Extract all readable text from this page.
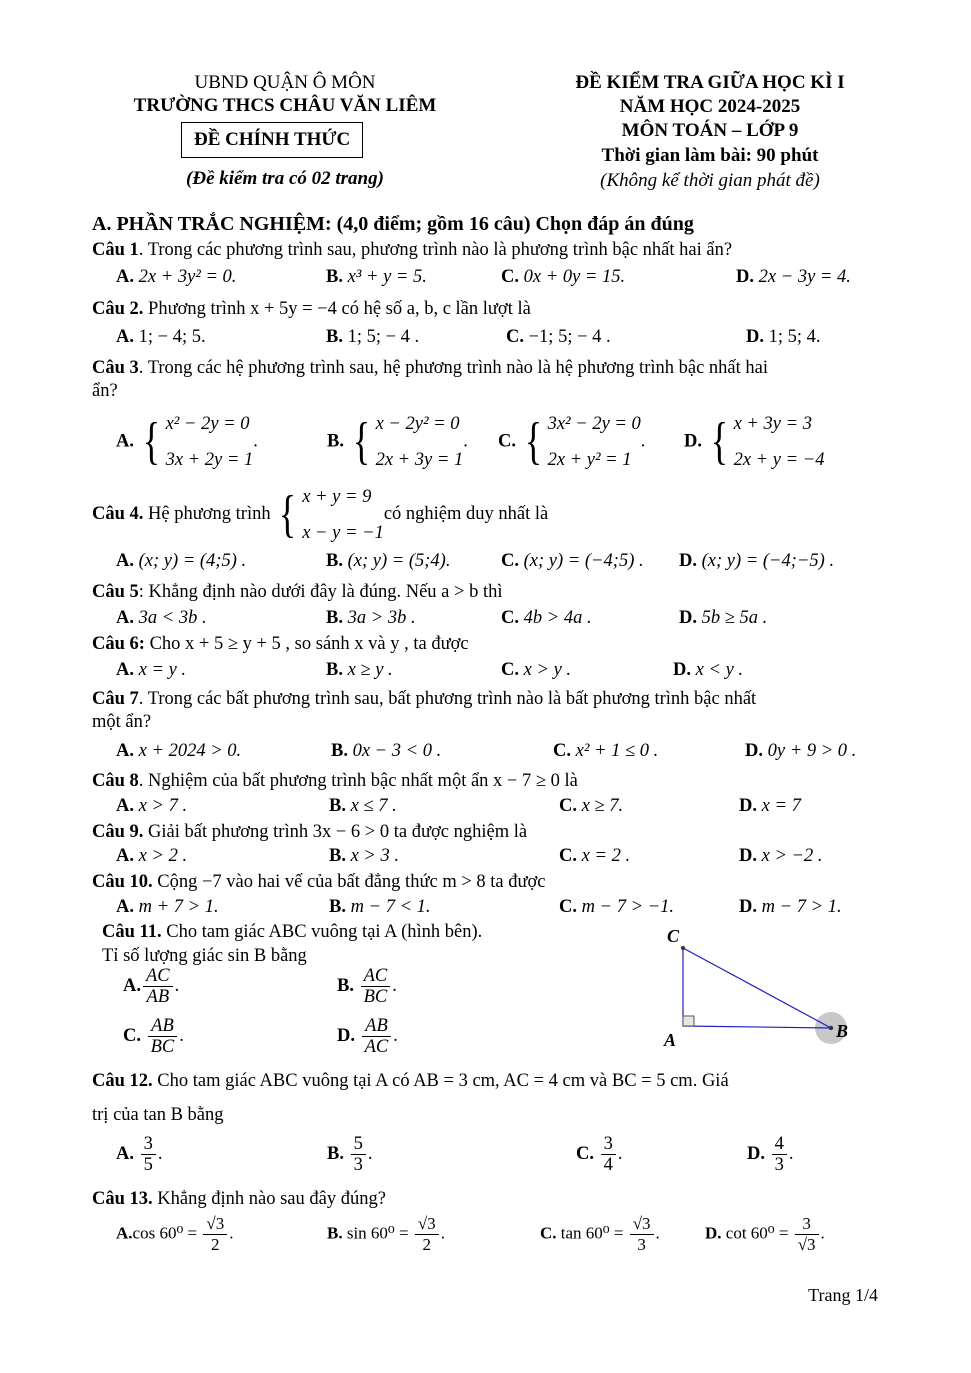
UBND QUẬN Ô MÔN
TRƯỜNG THCS CHÂU VĂN LIÊM
ĐỀ CHÍNH THỨC
(Đề kiểm tra có 02 trang)
ĐỀ KIỂM TRA GIỮA HỌC KÌ I
NĂM HỌC 2024-2025
MÔN TOÁN – LỚP 9
Thời gian làm bài: 90 phút
(Không kể thời gian phát đề)
A. PHẦN TRẮC NGHIỆM: (4,0 điểm; gồm 16 câu) Chọn đáp án đúng
Câu 1. Trong các phương trình sau, phương trình nào là phương trình bậc nhất hai ẩn?
A. 2x + 3y² = 0.	B. x³ + y = 5.	C. 0x + 0y = 15.	D. 2x − 3y = 4.
Câu 2. Phương trình x + 5y = −4 có hệ số a, b, c lần lượt là
A. 1; − 4; 5.	B. 1; 5; − 4 .	C. −1; 5; − 4 .	D. 1; 5; 4.
Câu 3. Trong các hệ phương trình sau, hệ phương trình nào là hệ phương trình bậc nhất hai
ẩn?
A. { x² − 2y = 0
3x + 2y = 1
.	B. { x − 2y² = 0
2x + 3y = 1
. C. { 3x² − 2y = 0
2x + y² = 1
. D. { x + 3y = 3
2x + y = −4
Câu 4. Hệ phương trình { x + y = 9
x − y = −1
có nghiệm duy nhất là
A. (x; y) = (4;5) .	B. (x; y) = (5;4).	C. (x; y) = (−4;5) .	D. (x; y) = (−4;−5) .
Câu 5: Khẳng định nào dưới đây là đúng. Nếu a > b thì
A. 3a < 3b .	B. 3a > 3b .	C. 4b > 4a .	D. 5b ≥ 5a .
Câu 6: Cho x + 5 ≥ y + 5 , so sánh x và y , ta được
A. x = y .	B. x ≥ y .	C. x > y .	D. x < y .
Câu 7. Trong các bất phương trình sau, bất phương trình nào là bất phương trình bậc nhất
một ẩn?
A. x + 2024 > 0.	B. 0x − 3 < 0 .	C. x² + 1 ≤ 0 .	D. 0y + 9 > 0 .
Câu 8. Nghiệm của bất phương trình bậc nhất một ẩn x − 7 ≥ 0 là
A. x > 7 .	B. x ≤ 7 .	C. x ≥ 7.	D. x = 7
Câu 9. Giải bất phương trình 3x − 6 > 0 ta được nghiệm là
A. x > 2 .	B. x > 3 .	C. x = 2 .	D. x > −2 .
Câu 10. Cộng −7 vào hai vế của bất đẳng thức m > 8 ta được
A. m + 7 > 1.	B. m − 7 < 1.	C. m − 7 > −1.	D. m − 7 > 1.
Câu 11. Cho tam giác ABC vuông tại A (hình bên).
Tỉ số lượng giác sin B bằng
A. $\frac{AC}{AB}$ .	B. $\frac{AC}{BC}$ .
C. $\frac{AB}{BC}$ .	D. $\frac{AB}{AC}$ .
C
A	B
Câu 12. Cho tam giác ABC vuông tại A có AB = 3 cm, AC = 4 cm và BC = 5 cm. Giá
trị của tan B bằng
A. $\frac{3}{5}$ .	B. $\frac{5}{3}$ .	C. $\frac{3}{4}$ .	D. $\frac{4}{3}$ .
Câu 13. Khẳng định nào sau đây đúng?
A.cos $60^0 = \frac{√3}{2}$ .	B. $\sin 60^0 = \frac{√3}{2}$ .	C. $\tan 60^0 = \frac{√3}{3}$ .	D. $\cot 60^0 = \frac{3}{√3}$ .
Trang 1/4
